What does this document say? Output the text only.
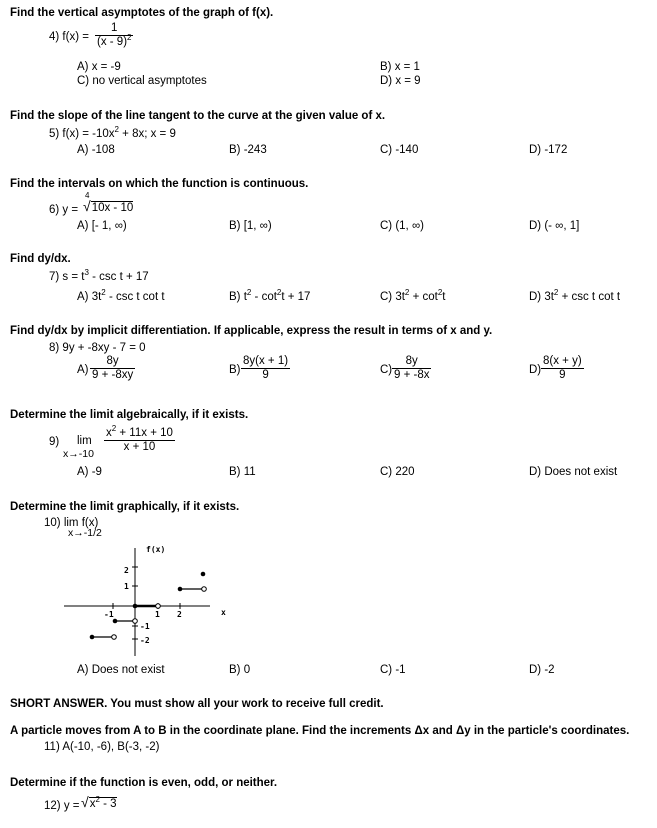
Find the vertical asymptotes of the graph of f(x).
4) $f(x) = \frac{1}{(x - 9)^2}$
A) x = -9	B) x = 1
C) no vertical asymptotes	D) x = 9
Find the slope of the line tangent to the curve at the given value of x.
5) $f(x) = -10x^2 + 8x$; x = 9
A) -108	B) -243	C) -140	D) -172
Find the intervals on which the function is continuous.
6) y =
4
√10x - 10
A) [- 1, ∞)	B) [1, ∞)	C) (1, ∞)	D) (- ∞, 1]
Find dy/dx.
7) $s = t^3 - \csc t + 17$
A) $3t^2$ - csc t cot t	B) $t^2 - \cot^2t + 17$	C) $3t^2 + \cot^2t$	D) $3t^2 + \csc t$ cot t
Find dy/dx by implicit differentiation. If applicable, express the result in terms of x and y.
8) 9y + -8xy - 7 = 0
$A) \frac{8y}{9 + -8xy}$	$B) \frac{8y(x + 1)}{9}$	$C) \frac{8y}{9 + -8x}$	$D) \frac{8(x + y)}{9}$
Determine the limit algebraically, if it exists.
9) lim
$x\to-10 \frac{x^2 + 11x + 10}{x + 10}$
A) -9	B) 11	C) 220	D) Does not exist
Determine the limit graphically, if it exists.
10) lim f(x)
x→-1/2
f(x)
x
-1	1 2
2
1
-1
-2
A) Does not exist	B) 0	C) -1	D) -2
SHORT ANSWER. You must show all your work to receive full credit.
A particle moves from A to B in the coordinate plane. Find the increments Δx and Δy in the particle's coordinates.
11) A(-10, -6), B(-3, -2)
Determine if the function is even, odd, or neither.
12) $y = √x^2 - 3$
